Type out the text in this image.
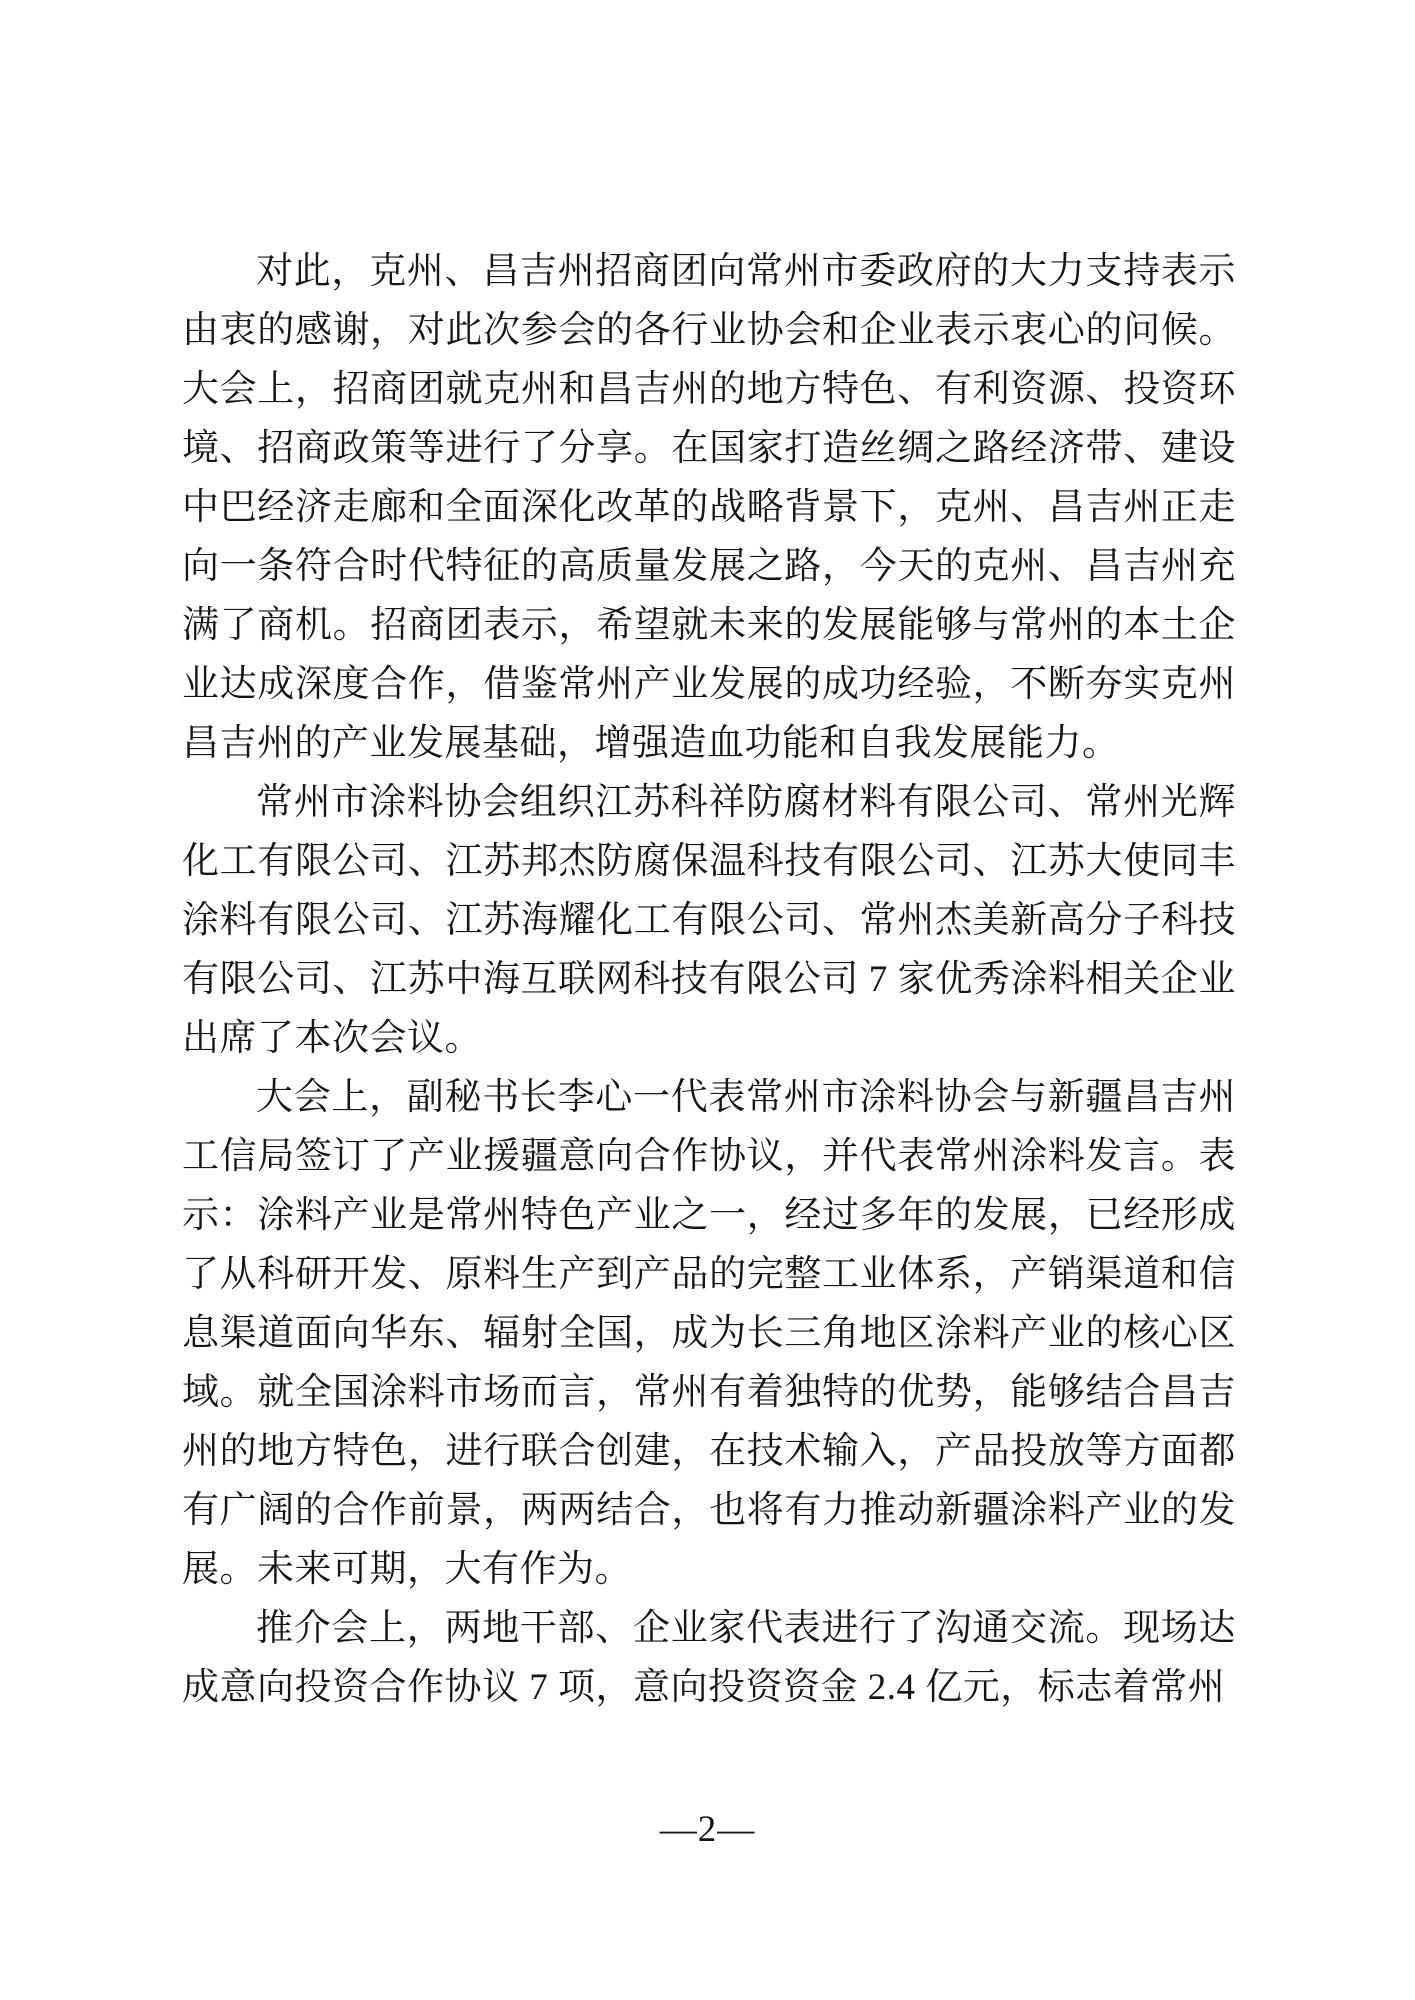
对此，克州、昌吉州招商团向常州市委政府的大力支持表示由衷的感谢，对此次参会的各行业协会和企业表示衷心的问候。大会上，招商团就克州和昌吉州的地方特色、有利资源、投资环境、招商政策等进行了分享。在国家打造丝绸之路经济带、建设中巴经济走廊和全面深化改革的战略背景下，克州、昌吉州正走向一条符合时代特征的高质量发展之路，今天的克州、昌吉州充满了商机。招商团表示，希望就未来的发展能够与常州的本土企业达成深度合作，借鉴常州产业发展的成功经验，不断夯实克州昌吉州的产业发展基础，增强造血功能和自我发展能力。

常州市涂料协会组织江苏科祥防腐材料有限公司、常州光辉化工有限公司、江苏邦杰防腐保温科技有限公司、江苏大使同丰涂料有限公司、江苏海耀化工有限公司、常州杰美新高分子科技有限公司、江苏中海互联网科技有限公司 7 家优秀涂料相关企业出席了本次会议。

大会上，副秘书长李心一代表常州市涂料协会与新疆昌吉州工信局签订了产业援疆意向合作协议，并代表常州涂料发言。表示：涂料产业是常州特色产业之一，经过多年的发展，已经形成了从科研开发、原料生产到产品的完整工业体系，产销渠道和信息渠道面向华东、辐射全国，成为长三角地区涂料产业的核心区域。就全国涂料市场而言，常州有着独特的优势，能够结合昌吉州的地方特色，进行联合创建，在技术输入，产品投放等方面都有广阔的合作前景，两两结合，也将有力推动新疆涂料产业的发展。未来可期，大有作为。

推介会上，两地干部、企业家代表进行了沟通交流。现场达成意向投资合作协议 7 项，意向投资资金 2.4 亿元，标志着常州

—2—
